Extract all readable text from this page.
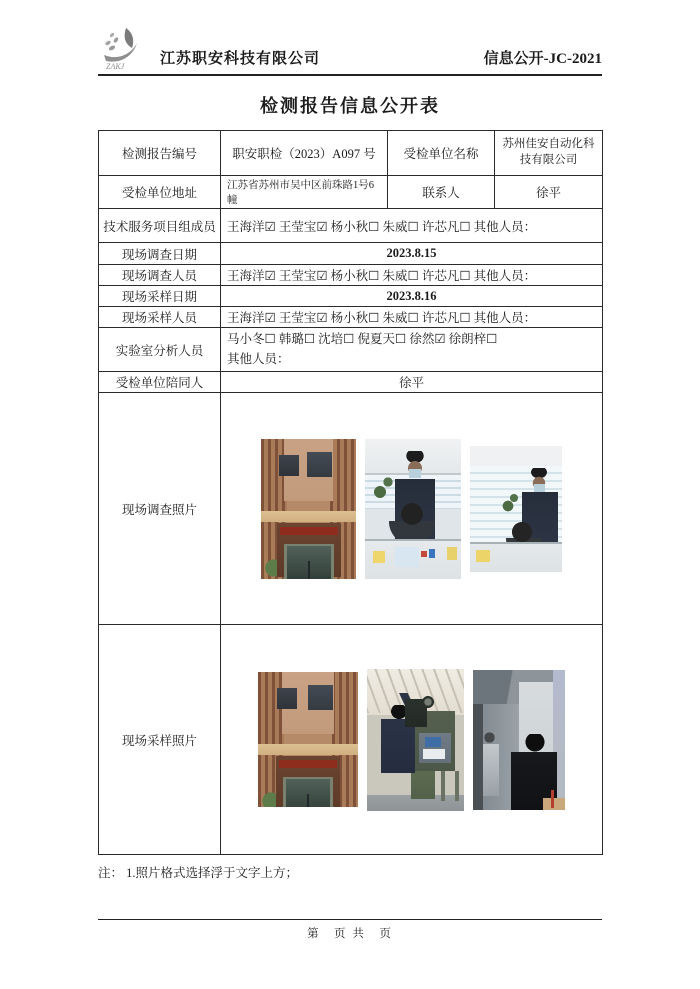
ZAKJ 江苏职安科技有限公司	信息公开-JC-2021
检测报告信息公开表
检测报告编号	职安职检（2023）A097 号	受检单位名称	苏州佳安自动化科技有限公司
受检单位地址	江苏省苏州市吴中区前珠路1号6幢	联系人	徐平
技术服务项目组成员	王海洋☑ 王莹宝☑ 杨小秋☐ 朱威☐ 许芯凡☐ 其他人员：		
现场调查日期	2023.8.15		
现场调查人员	王海洋☑ 王莹宝☑ 杨小秋☐ 朱威☐ 许芯凡☐ 其他人员：		
现场采样日期	2023.8.16		
现场采样人员	王海洋☑ 王莹宝☑ 杨小秋☐ 朱威☐ 许芯凡☐ 其他人员：		
实验室分析人员	马小冬☐ 韩璐☐ 沈培☐ 倪夏天☐ 徐然☑ 徐朗梓☐
其他人员：		

受检单位陪同人	徐平		
现场调查照片			

现场采样照片			
注： 1.照片格式选择浮于文字上方；
第　页 共　页
